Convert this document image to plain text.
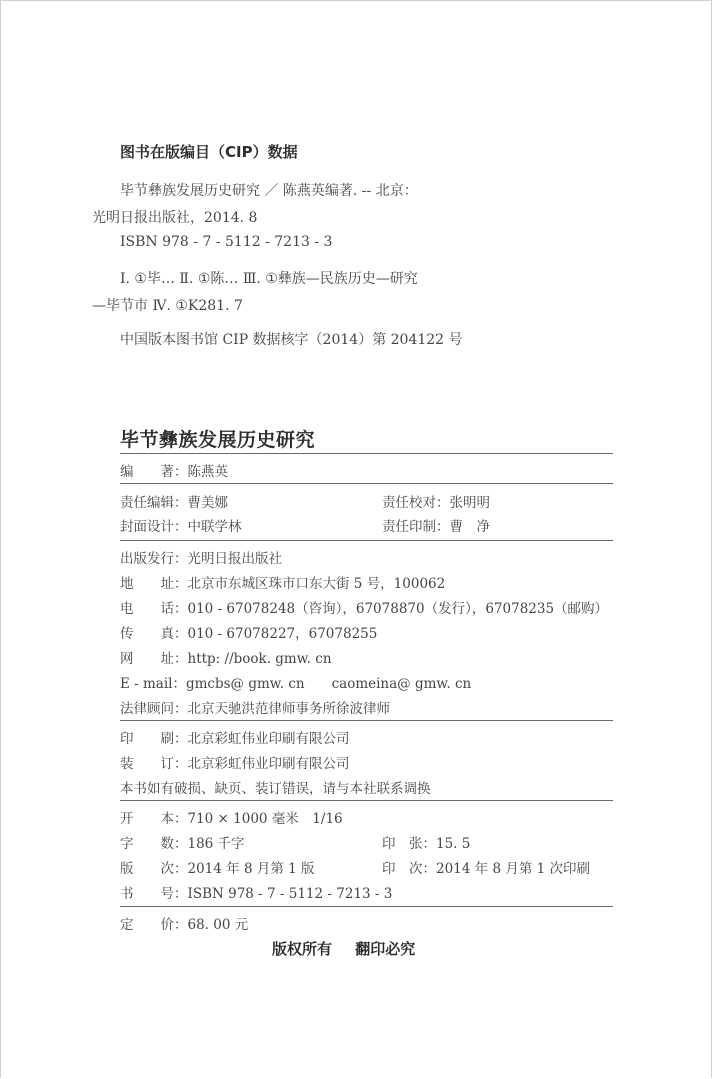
图书在版编目（CIP）数据
毕节彝族发展历史研究 ／ 陈燕英编著. -- 北京：
光明日报出版社，2014. 8
ISBN 978 - 7 - 5112 - 7213 - 3
Ⅰ. ①毕… Ⅱ. ①陈… Ⅲ. ①彝族—民族历史—研究
—毕节市 Ⅳ. ①K281. 7
中国版本图书馆 CIP 数据核字（2014）第 204122 号
毕节彝族发展历史研究
编　　著：陈燕英
责任编辑：曹美娜	责任校对：张明明
封面设计：中联学林	责任印制：曹　净
出版发行：光明日报出版社
地　　址：北京市东城区珠市口东大街 5 号，100062
电　　话：010 - 67078248（咨询），67078870（发行），67078235（邮购）
传　　真：010 - 67078227，67078255
网　　址：http: //book. gmw. cn
E - mail：gmcbs@ gmw. cn　　caomeina@ gmw. cn
法律顾问：北京天驰洪范律师事务所徐波律师
印　　刷：北京彩虹伟业印刷有限公司
装　　订：北京彩虹伟业印刷有限公司
本书如有破损、缺页、装订错误，请与本社联系调换
开　　本：710 × 1000 毫米　1/16
字　　数：186 千字	印　张：15. 5
版　　次：2014 年 8 月第 1 版	印　次：2014 年 8 月第 1 次印刷
书　　号：ISBN 978 - 7 - 5112 - 7213 - 3
定　　价：68. 00 元
版权所有 翻印必究
